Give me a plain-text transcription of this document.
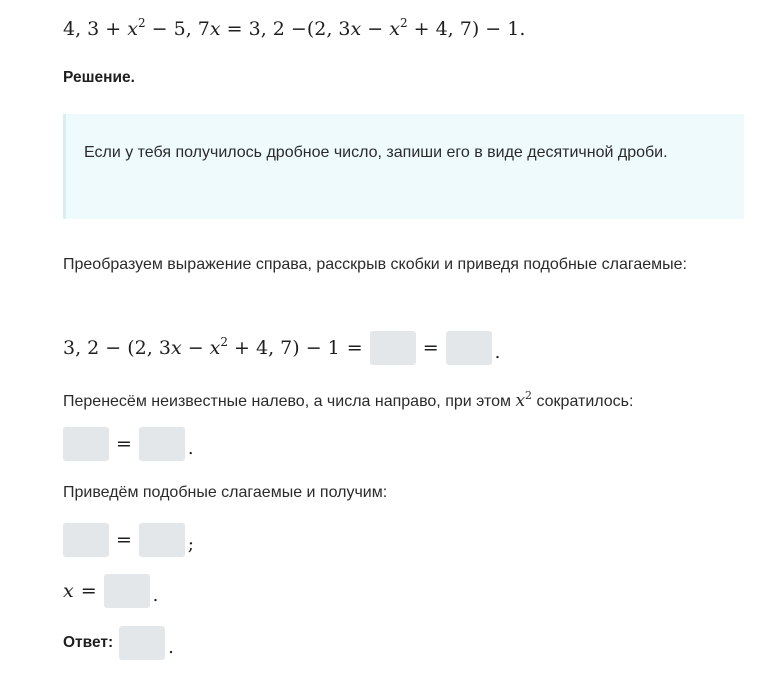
4, $3 + x^2 - 5$, 7x = 3, 2 −(2, $3x - x^2 + 4$, 7) − 1.
Решение.
Если у тебя получилось дробное число, запиши его в виде десятичной дроби.
Преобразуем выражение справа, расскрыв скобки и приведя подобные слагаемые:
3, 2 − (2, $3x - x^2 + 4$, 7) − 1 =	=	.
Перенесём неизвестные налево, а числа направо, при этом $x^2$ сократилось:
=	.
Приведём подобные слагаемые и получим:
=	;
x =	.
Ответ:	.
